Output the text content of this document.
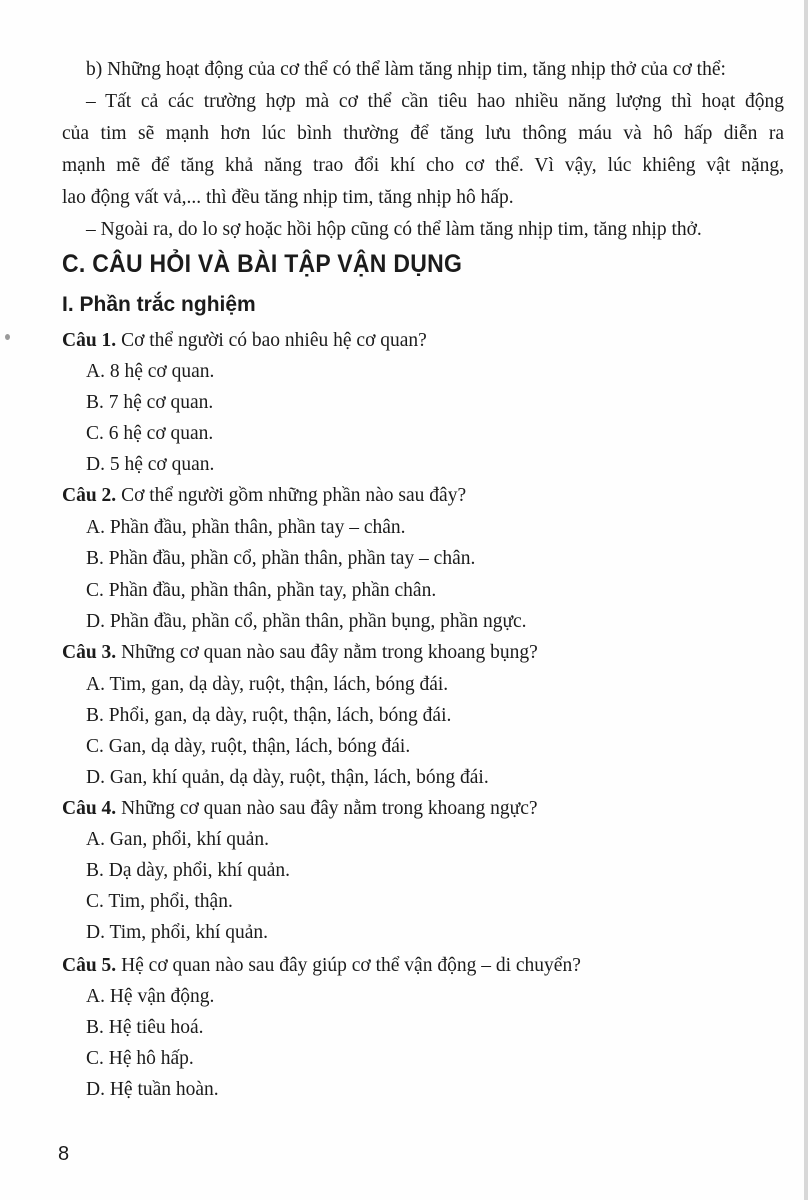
b) Những hoạt động của cơ thể có thể làm tăng nhịp tim, tăng nhịp thở của cơ thể:
– Tất cả các trường hợp mà cơ thể cần tiêu hao nhiều năng lượng thì hoạt động
của tim sẽ mạnh hơn lúc bình thường để tăng lưu thông máu và hô hấp diễn ra
mạnh mẽ để tăng khả năng trao đổi khí cho cơ thể. Vì vậy, lúc khiêng vật nặng,
lao động vất vả,... thì đều tăng nhịp tim, tăng nhịp hô hấp.
– Ngoài ra, do lo sợ hoặc hồi hộp cũng có thể làm tăng nhịp tim, tăng nhịp thở.
C. CÂU HỎI VÀ BÀI TẬP VẬN DỤNG
I. Phần trắc nghiệm
Câu 1. Cơ thể người có bao nhiêu hệ cơ quan?
A. 8 hệ cơ quan.
B. 7 hệ cơ quan.
C. 6 hệ cơ quan.
D. 5 hệ cơ quan.
Câu 2. Cơ thể người gồm những phần nào sau đây?
A. Phần đầu, phần thân, phần tay – chân.
B. Phần đầu, phần cổ, phần thân, phần tay – chân.
C. Phần đầu, phần thân, phần tay, phần chân.
D. Phần đầu, phần cổ, phần thân, phần bụng, phần ngực.
Câu 3. Những cơ quan nào sau đây nằm trong khoang bụng?
A. Tim, gan, dạ dày, ruột, thận, lách, bóng đái.
B. Phổi, gan, dạ dày, ruột, thận, lách, bóng đái.
C. Gan, dạ dày, ruột, thận, lách, bóng đái.
D. Gan, khí quản, dạ dày, ruột, thận, lách, bóng đái.
Câu 4. Những cơ quan nào sau đây nằm trong khoang ngực?
A. Gan, phổi, khí quản.
B. Dạ dày, phổi, khí quản.
C. Tim, phổi, thận.
D. Tim, phổi, khí quản.
Câu 5. Hệ cơ quan nào sau đây giúp cơ thể vận động – di chuyển?
A. Hệ vận động.
B. Hệ tiêu hoá.
C. Hệ hô hấp.
D. Hệ tuần hoàn.
8
